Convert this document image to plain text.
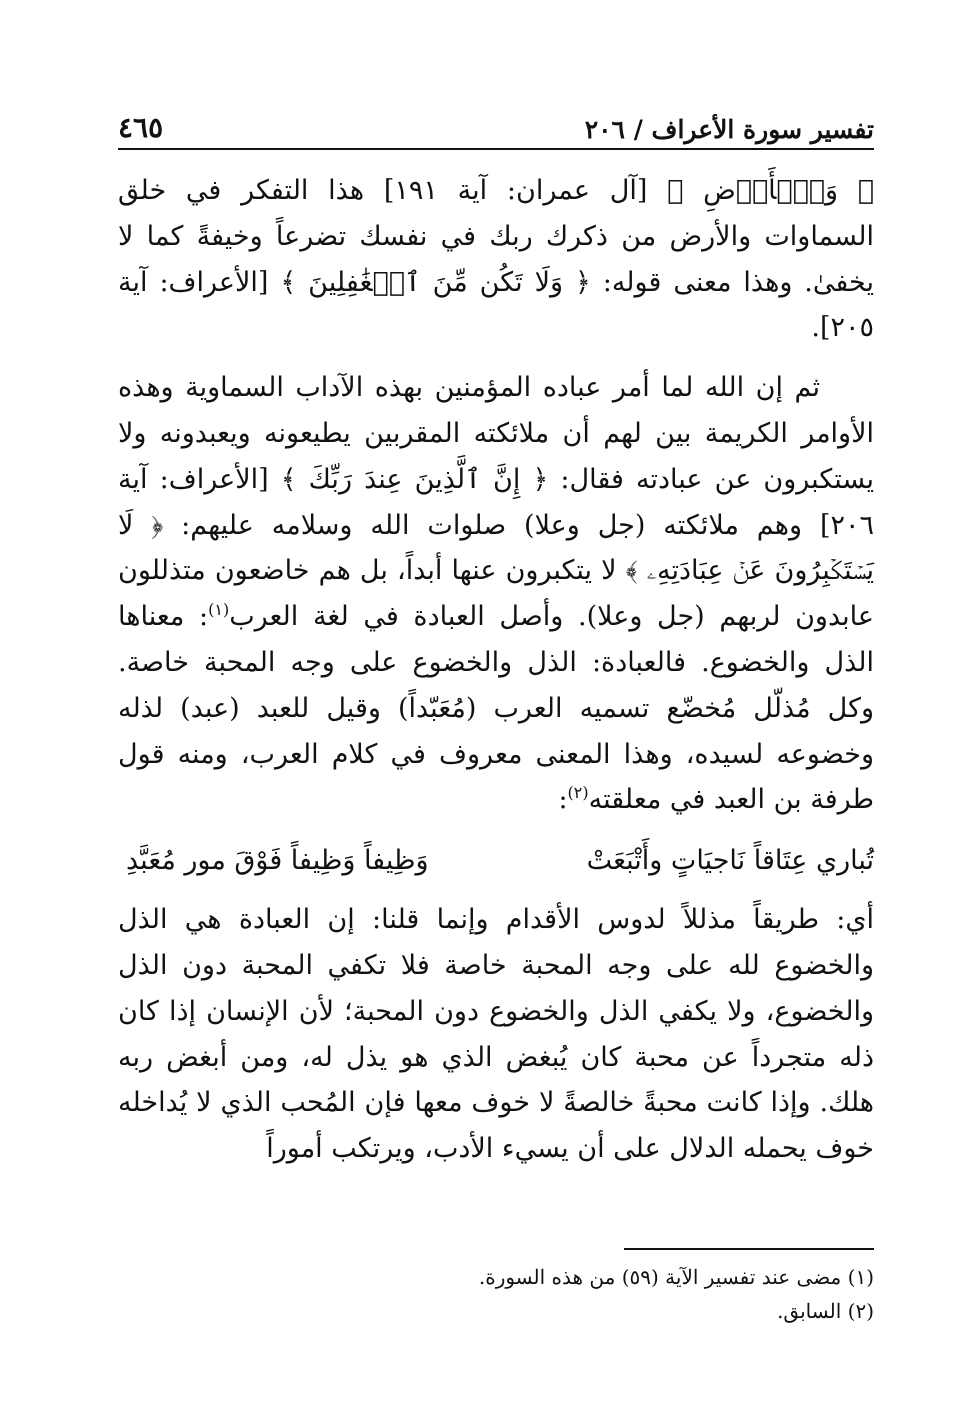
تفسير سورة الأعراف / ٢٠٦
٤٦٥

﴿ وَٱلۡأَرۡضِ ﴾ [آل عمران: آية ١٩١] هذا التفكر في خلق السماوات والأرض من ذكرك ربك في نفسك تضرعاً وخيفةً كما لا يخفىٰ. وهذا معنى قوله: ﴿ وَلَا تَكُن مِّنَ ٱلۡغَٰفِلِينَ ﴾ [الأعراف: آية ٢٠٥].

ثم إن الله لما أمر عباده المؤمنين بهذه الآداب السماوية وهذه الأوامر الكريمة بين لهم أن ملائكته المقربين يطيعونه ويعبدونه ولا يستكبرون عن عبادته فقال: ﴿ إِنَّ ٱلَّذِينَ عِندَ رَبِّكَ ﴾ [الأعراف: آية ٢٠٦] وهم ملائكته (جل وعلا) صلوات الله وسلامه عليهم: ﴿ لَا يَسۡتَكۡبِرُونَ عَنۡ عِبَادَتِهِۦ ﴾ لا يتكبرون عنها أبداً، بل هم خاضعون متذللون عابدون لربهم (جل وعلا). وأصل العبادة في لغة العرب$^{(١)}$: معناها الذل والخضوع. فالعبادة: الذل والخضوع على وجه المحبة خاصة. وكل مُذلّل مُخضّع تسميه العرب (مُعَبّداً) وقيل للعبد (عبد) لذله وخضوعه لسيده، وهذا المعنى معروف في كلام العرب، ومنه قول طرفة بن العبد في معلقته$^{(٢)}$:

تُباري عِتَاقاً نَاجيَاتٍ وأَتْبَعَتْ
وَظِيفاً وَظِيفاً فَوْقَ مور مُعَبَّدِ

أي: طريقاً مذللاً لدوس الأقدام وإنما قلنا: إن العبادة هي الذل والخضوع لله على وجه المحبة خاصة فلا تكفي المحبة دون الذل والخضوع، ولا يكفي الذل والخضوع دون المحبة؛ لأن الإنسان إذا كان ذله متجرداً عن محبة كان يُبغض الذي هو يذل له، ومن أبغض ربه هلك. وإذا كانت محبةً خالصةً لا خوف معها فإن المُحب الذي لا يُداخله خوف يحمله الدلال على أن يسيء الأدب، ويرتكب أموراً

(١) مضى عند تفسير الآية (٥٩) من هذه السورة.

(٢) السابق.
